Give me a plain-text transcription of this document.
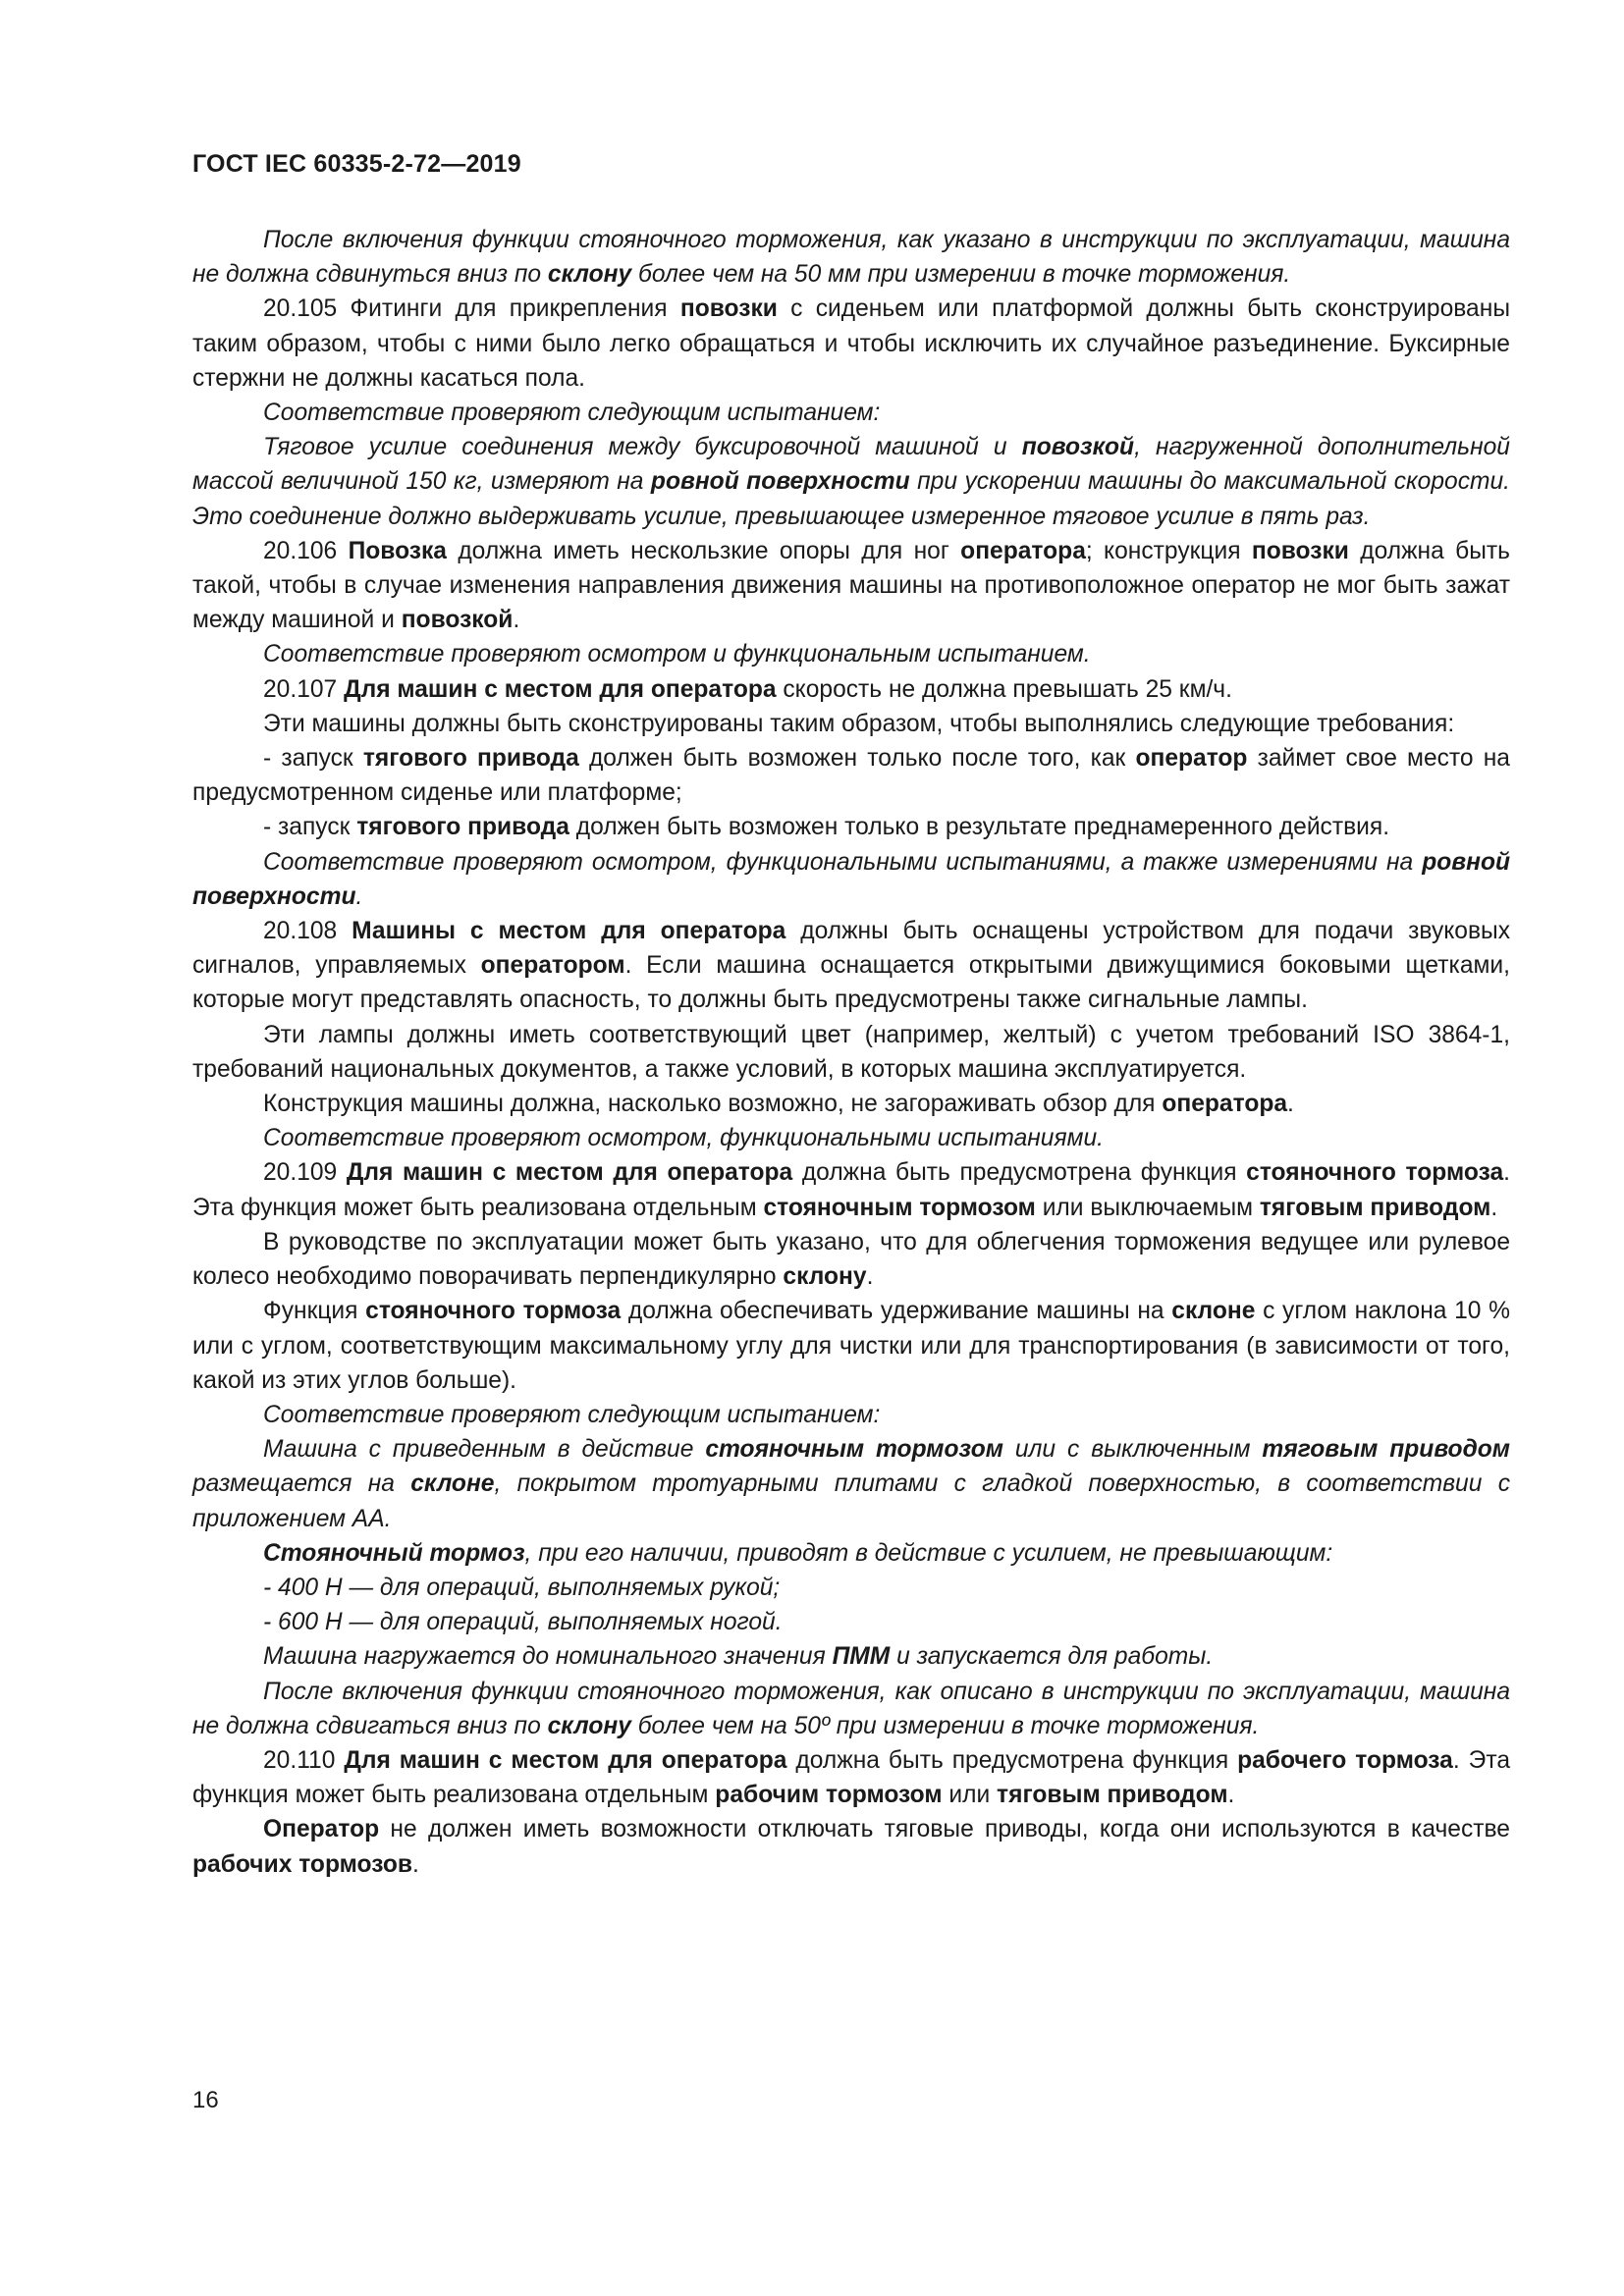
ГОСТ IEC 60335-2-72—2019

После включения функции стояночного торможения, как указано в инструкции по эксплуатации, машина не должна сдвинуться вниз по склону более чем на 50 мм при измерении в точке торможения.

20.105 Фитинги для прикрепления повозки с сиденьем или платформой должны быть сконструированы таким образом, чтобы с ними было легко обращаться и чтобы исключить их случайное разъединение. Буксирные стержни не должны касаться пола.

Соответствие проверяют следующим испытанием:

Тяговое усилие соединения между буксировочной машиной и повозкой, нагруженной дополнительной массой величиной 150 кг, измеряют на ровной поверхности при ускорении машины до максимальной скорости. Это соединение должно выдерживать усилие, превышающее измеренное тяговое усилие в пять раз.

20.106 Повозка должна иметь нескользкие опоры для ног оператора; конструкция повозки должна быть такой, чтобы в случае изменения направления движения машины на противоположное оператор не мог быть зажат между машиной и повозкой.

Соответствие проверяют осмотром и функциональным испытанием.

20.107 Для машин с местом для оператора скорость не должна превышать 25 км/ч.

Эти машины должны быть сконструированы таким образом, чтобы выполнялись следующие требования:

- запуск тягового привода должен быть возможен только после того, как оператор займет свое место на предусмотренном сиденье или платформе;

- запуск тягового привода должен быть возможен только в результате преднамеренного действия.

Соответствие проверяют осмотром, функциональными испытаниями, а также измерениями на ровной поверхности.

20.108 Машины с местом для оператора должны быть оснащены устройством для подачи звуковых сигналов, управляемых оператором. Если машина оснащается открытыми движущимися боковыми щетками, которые могут представлять опасность, то должны быть предусмотрены также сигнальные лампы.

Эти лампы должны иметь соответствующий цвет (например, желтый) с учетом требований ISO 3864-1, требований национальных документов, а также условий, в которых машина эксплуатируется.

Конструкция машины должна, насколько возможно, не загораживать обзор для оператора.

Соответствие проверяют осмотром, функциональными испытаниями.

20.109 Для машин с местом для оператора должна быть предусмотрена функция стояночного тормоза. Эта функция может быть реализована отдельным стояночным тормозом или выключаемым тяговым приводом.

В руководстве по эксплуатации может быть указано, что для облегчения торможения ведущее или рулевое колесо необходимо поворачивать перпендикулярно склону.

Функция стояночного тормоза должна обеспечивать удерживание машины на склоне с углом наклона 10 % или с углом, соответствующим максимальному углу для чистки или для транспортирования (в зависимости от того, какой из этих углов больше).

Соответствие проверяют следующим испытанием:

Машина с приведенным в действие стояночным тормозом или с выключенным тяговым приводом размещается на склоне, покрытом тротуарными плитами с гладкой поверхностью, в соответствии с приложением АА.

Стояночный тормоз, при его наличии, приводят в действие с усилием, не превышающим:

- 400 Н — для операций, выполняемых рукой;

- 600 Н — для операций, выполняемых ногой.

Машина нагружается до номинального значения ПММ и запускается для работы.

После включения функции стояночного торможения, как описано в инструкции по эксплуатации, машина не должна сдвигаться вниз по склону более чем на 50º при измерении в точке торможения.

20.110 Для машин с местом для оператора должна быть предусмотрена функция рабочего тормоза. Эта функция может быть реализована отдельным рабочим тормозом или тяговым приводом.

Оператор не должен иметь возможности отключать тяговые приводы, когда они используются в качестве рабочих тормозов.

16
